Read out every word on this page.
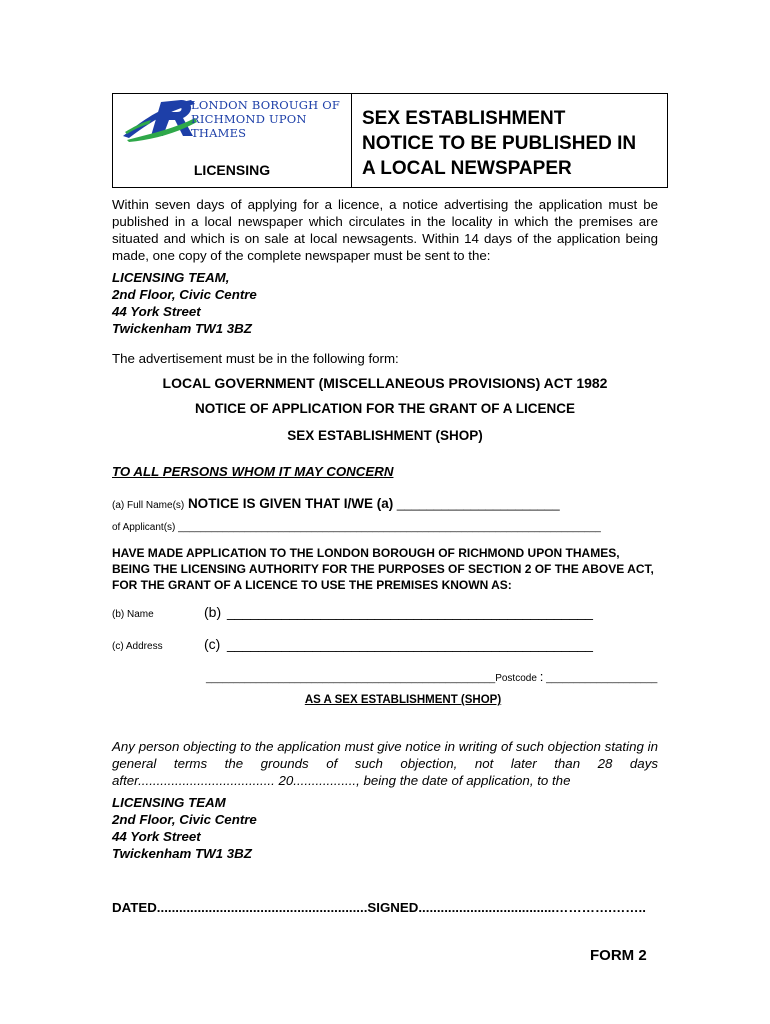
LONDON BOROUGH OF
RICHMOND UPON THAMES
LICENSING
SEX ESTABLISHMENT
NOTICE TO BE PUBLISHED IN
A LOCAL NEWSPAPER
Within seven days of applying for a licence, a notice advertising the application must be published in a local newspaper which circulates in the locality in which the premises are situated and which is on sale at local newsagents. Within 14 days of the application being made, one copy of the complete newspaper must be sent to the:
LICENSING TEAM,
2nd Floor, Civic Centre
44 York Street
Twickenham TW1 3BZ
The advertisement must be in the following form:
LOCAL GOVERNMENT (MISCELLANEOUS PROVISIONS) ACT 1982
NOTICE OF APPLICATION FOR THE GRANT OF A LICENCE
SEX ESTABLISHMENT (SHOP)
TO ALL PERSONS WHOM IT MAY CONCERN
(a) Full Name(s) NOTICE IS GIVEN THAT I/WE (a) ______________________
of Applicant(s) ____________________________________________________________________________
HAVE MADE APPLICATION TO THE LONDON BOROUGH OF RICHMOND UPON THAMES, BEING THE LICENSING AUTHORITY FOR THE PURPOSES OF SECTION 2 OF THE ABOVE ACT, FOR THE GRANT OF A LICENCE TO USE THE PREMISES KNOWN AS:
(b) Name	(b) _______________________________________________
(c) Address	(c) _______________________________________________
____________________________________________________Postcode : ____________________
AS A SEX ESTABLISHMENT (SHOP)
Any person objecting to the application must give notice in writing of such objection stating in general terms the grounds of such objection, not later than 28 days after..................................... 20................., being the date of application, to the
LICENSING TEAM
2nd Floor, Civic Centre
44 York Street
Twickenham TW1 3BZ
DATED.........................................................SIGNED.....................................………….……..
FORM 2
